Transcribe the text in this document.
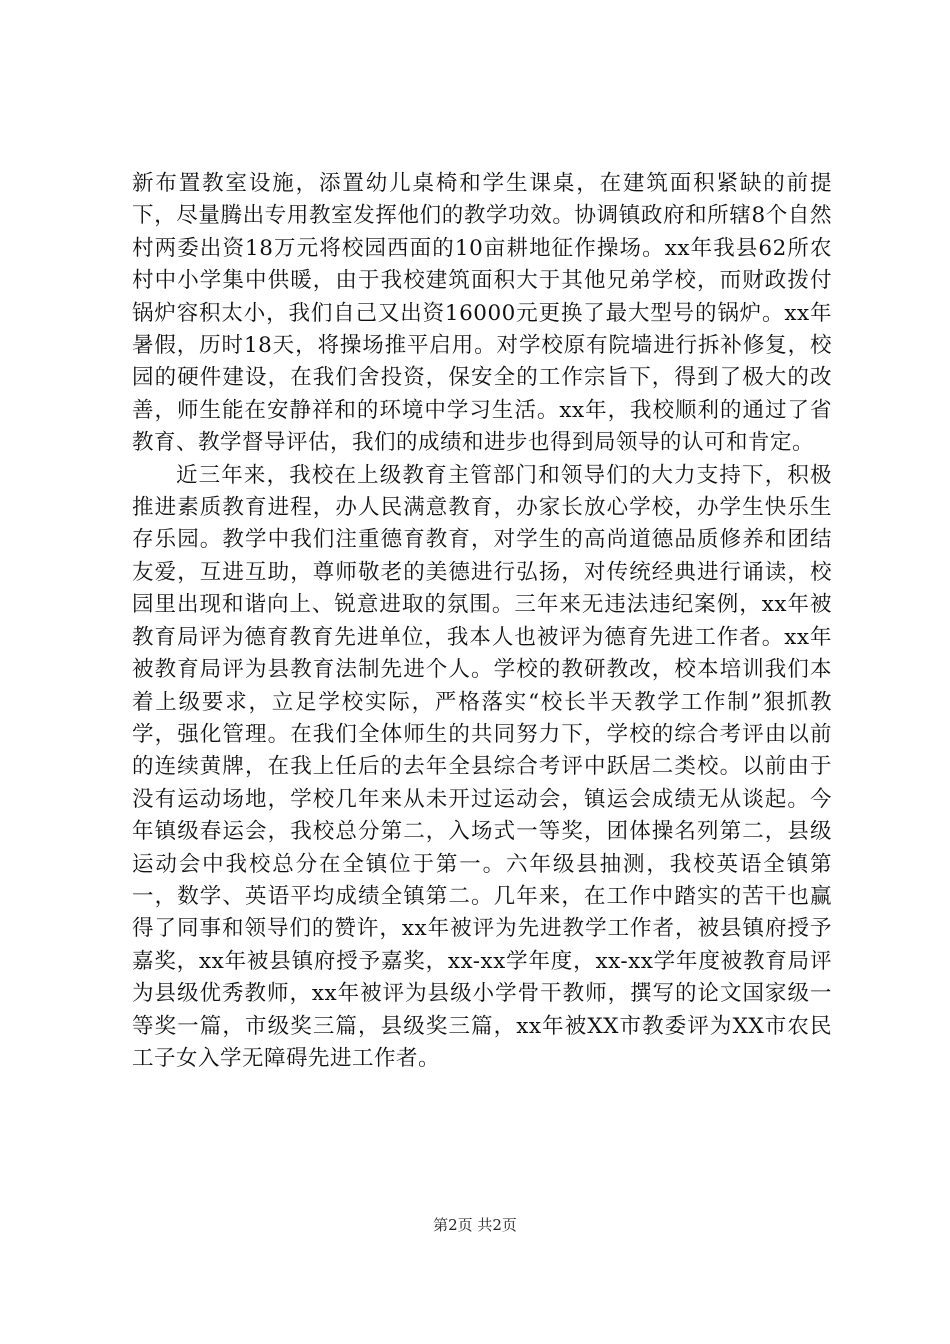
新布置教室设施，添置幼儿桌椅和学生课桌，在建筑面积紧缺的前提下，尽量腾出专用教室发挥他们的教学功效。协调镇政府和所辖8个自然村两委出资18万元将校园西面的10亩耕地征作操场。xx年我县62所农村中小学集中供暖，由于我校建筑面积大于其他兄弟学校，而财政拨付锅炉容积太小，我们自己又出资16000元更换了最大型号的锅炉。xx年暑假，历时18天，将操场推平启用。对学校原有院墙进行拆补修复，校园的硬件建设，在我们舍投资，保安全的工作宗旨下，得到了极大的改善，师生能在安静祥和的环境中学习生活。xx年，我校顺利的通过了省教育、教学督导评估，我们的成绩和进步也得到局领导的认可和肯定。

近三年来，我校在上级教育主管部门和领导们的大力支持下，积极推进素质教育进程，办人民满意教育，办家长放心学校，办学生快乐生存乐园。教学中我们注重德育教育，对学生的高尚道德品质修养和团结友爱，互进互助，尊师敬老的美德进行弘扬，对传统经典进行诵读，校园里出现和谐向上、锐意进取的氛围。三年来无违法违纪案例，xx年被教育局评为德育教育先进单位，我本人也被评为德育先进工作者。xx年被教育局评为县教育法制先进个人。学校的教研教改，校本培训我们本着上级要求，立足学校实际，严格落实“校长半天教学工作制”狠抓教学，强化管理。在我们全体师生的共同努力下，学校的综合考评由以前的连续黄牌，在我上任后的去年全县综合考评中跃居二类校。以前由于没有运动场地，学校几年来从未开过运动会，镇运会成绩无从谈起。今年镇级春运会，我校总分第二，入场式一等奖，团体操名列第二，县级运动会中我校总分在全镇位于第一。六年级县抽测，我校英语全镇第一，数学、英语平均成绩全镇第二。几年来，在工作中踏实的苦干也赢得了同事和领导们的赞许，xx年被评为先进教学工作者，被县镇府授予嘉奖，xx年被县镇府授予嘉奖，xx-xx学年度，xx-xx学年度被教育局评为县级优秀教师，xx年被评为县级小学骨干教师，撰写的论文国家级一等奖一篇，市级奖三篇，县级奖三篇，xx年被XX市教委评为XX市农民工子女入学无障碍先进工作者。

第2页 共2页
